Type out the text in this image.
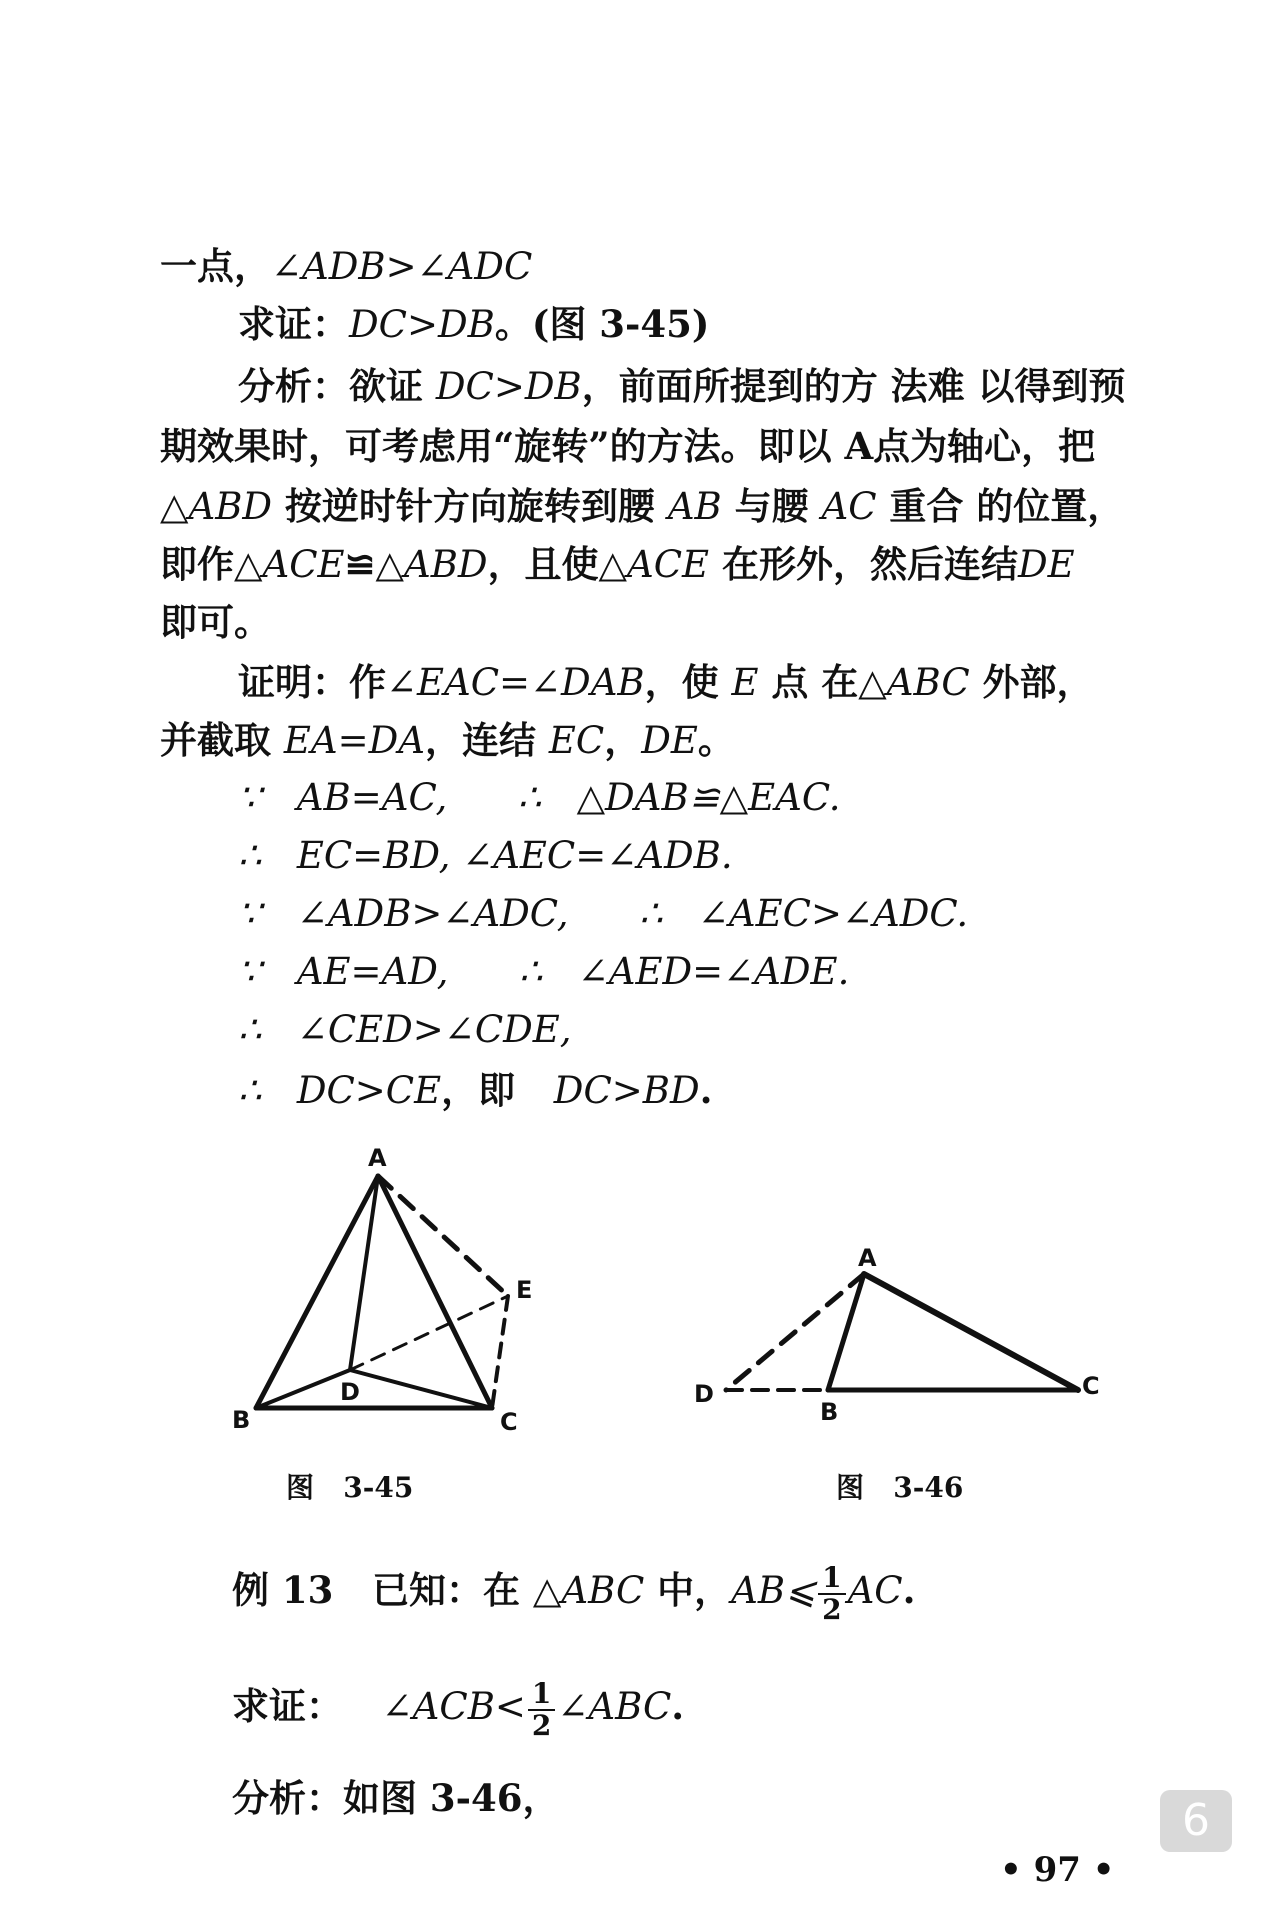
一点，∠ADB>∠ADC
求证：DC>DB。(图 3-45)
分析：欲证 DC>DB，前面所提到的方 法难 以得到预
期效果时，可考虑用“旋转”的方法。即以 A点为轴心，把
△ABD 按逆时针方向旋转到腰 AB 与腰 AC 重合 的位置，
即作△ACE≌△ABD，且使△ACE 在形外，然后连结DE
即可。
证明：作∠EAC=∠DAB，使 E 点 在△ABC 外部，
并截取 EA=DA，连结 EC，DE。
∵   AB=AC,      ∴   △DAB≌△EAC.
∴   EC=BD, ∠AEC=∠ADB.
∵   ∠ADB>∠ADC,      ∴   ∠AEC>∠ADC.
∵   AE=AD,      ∴   ∠AED=∠ADE.
∴   ∠CED>∠CDE,
∴   DC>CE，即   DC>BD.
A
B	C
D
E
A
B
C
D
图   3-45	图   3-46
例 13   已知：在 △ABC 中，AB⩽ $\frac{1}{2}$ AC.
求证：   ∠ACB< $\frac{1}{2}$ ∠ABC.
分析：如图 3-46，
• 97 •
6
